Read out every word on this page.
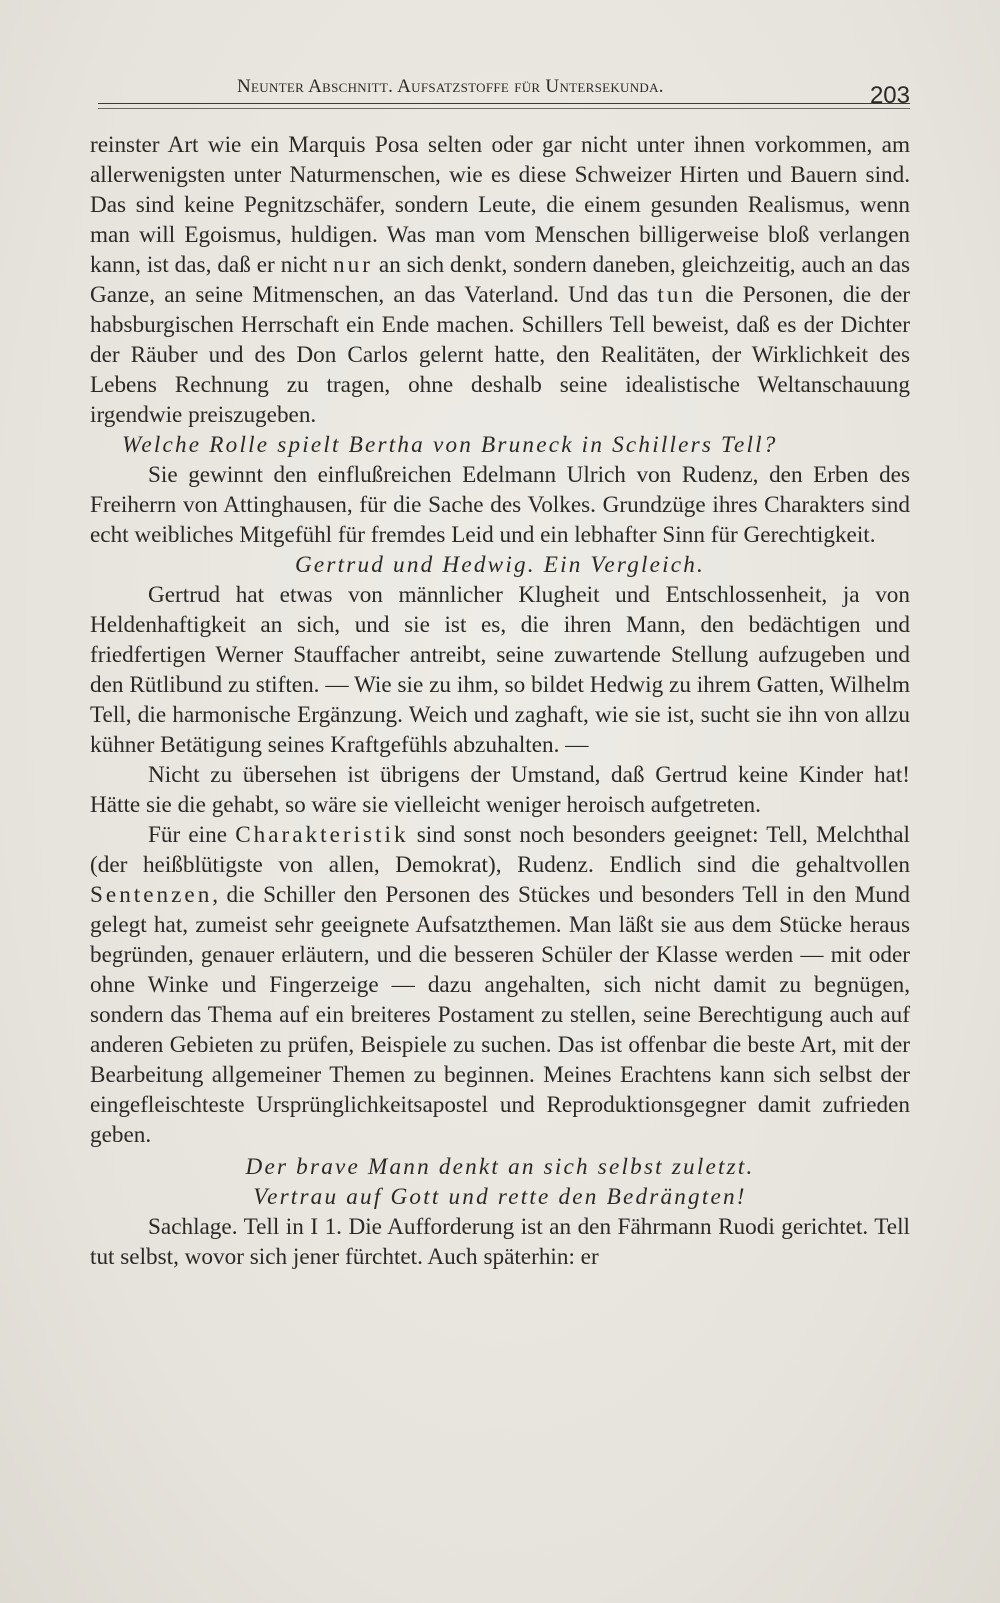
Neunter Abschnitt. Aufsatzstoffe für Untersekunda.	203

reinster Art wie ein Marquis Posa selten oder gar nicht unter ihnen vorkommen, am allerwenigsten unter Naturmenschen, wie es diese Schweizer Hirten und Bauern sind. Das sind keine Pegnitzschäfer, sondern Leute, die einem gesunden Realismus, wenn man will Egoismus, huldigen. Was man vom Menschen billigerweise bloß verlangen kann, ist das, daß er nicht nur an sich denkt, sondern daneben, gleichzeitig, auch an das Ganze, an seine Mitmenschen, an das Vaterland. Und das tun die Personen, die der habsburgischen Herrschaft ein Ende machen. Schillers Tell beweist, daß es der Dichter der Räuber und des Don Carlos gelernt hatte, den Realitäten, der Wirklichkeit des Lebens Rechnung zu tragen, ohne deshalb seine idealistische Weltanschauung irgendwie preiszugeben.

Welche Rolle spielt Bertha von Bruneck in Schillers Tell?

Sie gewinnt den einflußreichen Edelmann Ulrich von Rudenz, den Erben des Freiherrn von Attinghausen, für die Sache des Volkes. Grundzüge ihres Charakters sind echt weibliches Mitgefühl für fremdes Leid und ein lebhafter Sinn für Gerechtigkeit.

Gertrud und Hedwig. Ein Vergleich.

Gertrud hat etwas von männlicher Klugheit und Entschlossenheit, ja von Heldenhaftigkeit an sich, und sie ist es, die ihren Mann, den bedächtigen und friedfertigen Werner Stauffacher antreibt, seine zuwartende Stellung aufzugeben und den Rütlibund zu stiften. — Wie sie zu ihm, so bildet Hedwig zu ihrem Gatten, Wilhelm Tell, die harmonische Ergänzung. Weich und zaghaft, wie sie ist, sucht sie ihn von allzu kühner Betätigung seines Kraftgefühls abzuhalten. —

Nicht zu übersehen ist übrigens der Umstand, daß Gertrud keine Kinder hat! Hätte sie die gehabt, so wäre sie vielleicht weniger heroisch aufgetreten.

Für eine Charakteristik sind sonst noch besonders geeignet: Tell, Melchthal (der heißblütigste von allen, Demokrat), Rudenz. Endlich sind die gehaltvollen Sentenzen, die Schiller den Personen des Stückes und besonders Tell in den Mund gelegt hat, zumeist sehr geeignete Aufsatzthemen. Man läßt sie aus dem Stücke heraus begründen, genauer erläutern, und die besseren Schüler der Klasse werden — mit oder ohne Winke und Fingerzeige — dazu angehalten, sich nicht damit zu begnügen, sondern das Thema auf ein breiteres Postament zu stellen, seine Berechtigung auch auf anderen Gebieten zu prüfen, Beispiele zu suchen. Das ist offenbar die beste Art, mit der Bearbeitung allgemeiner Themen zu beginnen. Meines Erachtens kann sich selbst der eingefleischteste Ursprünglichkeitsapostel und Reproduktionsgegner damit zufrieden geben.

Der brave Mann denkt an sich selbst zuletzt.

Vertrau auf Gott und rette den Bedrängten!

Sachlage. Tell in I 1. Die Aufforderung ist an den Fährmann Ruodi gerichtet. Tell tut selbst, wovor sich jener fürchtet. Auch späterhin: er
